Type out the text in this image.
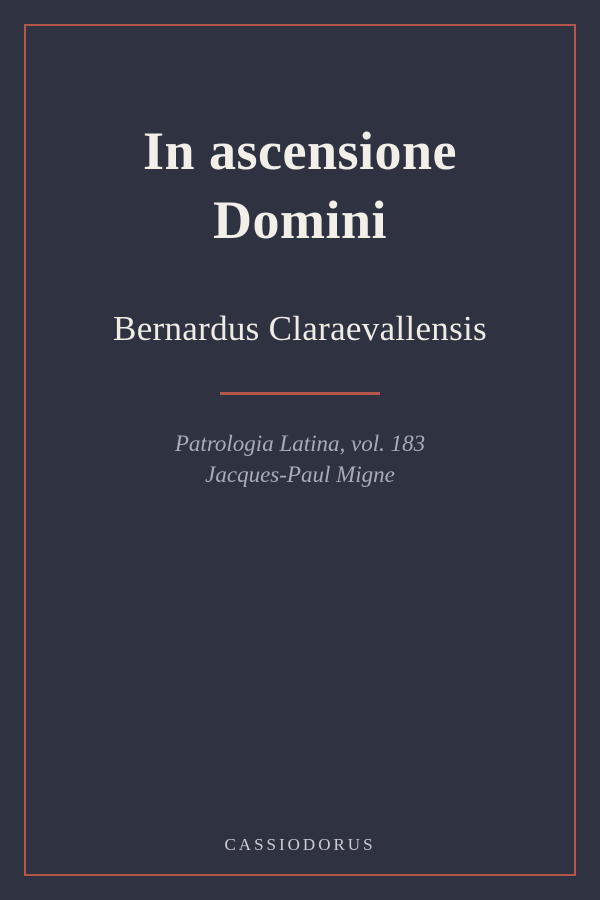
In ascensione Domini
Bernardus Claraevallensis
Patrologia Latina, vol. 183
Jacques-Paul Migne
CASSIODORUS
